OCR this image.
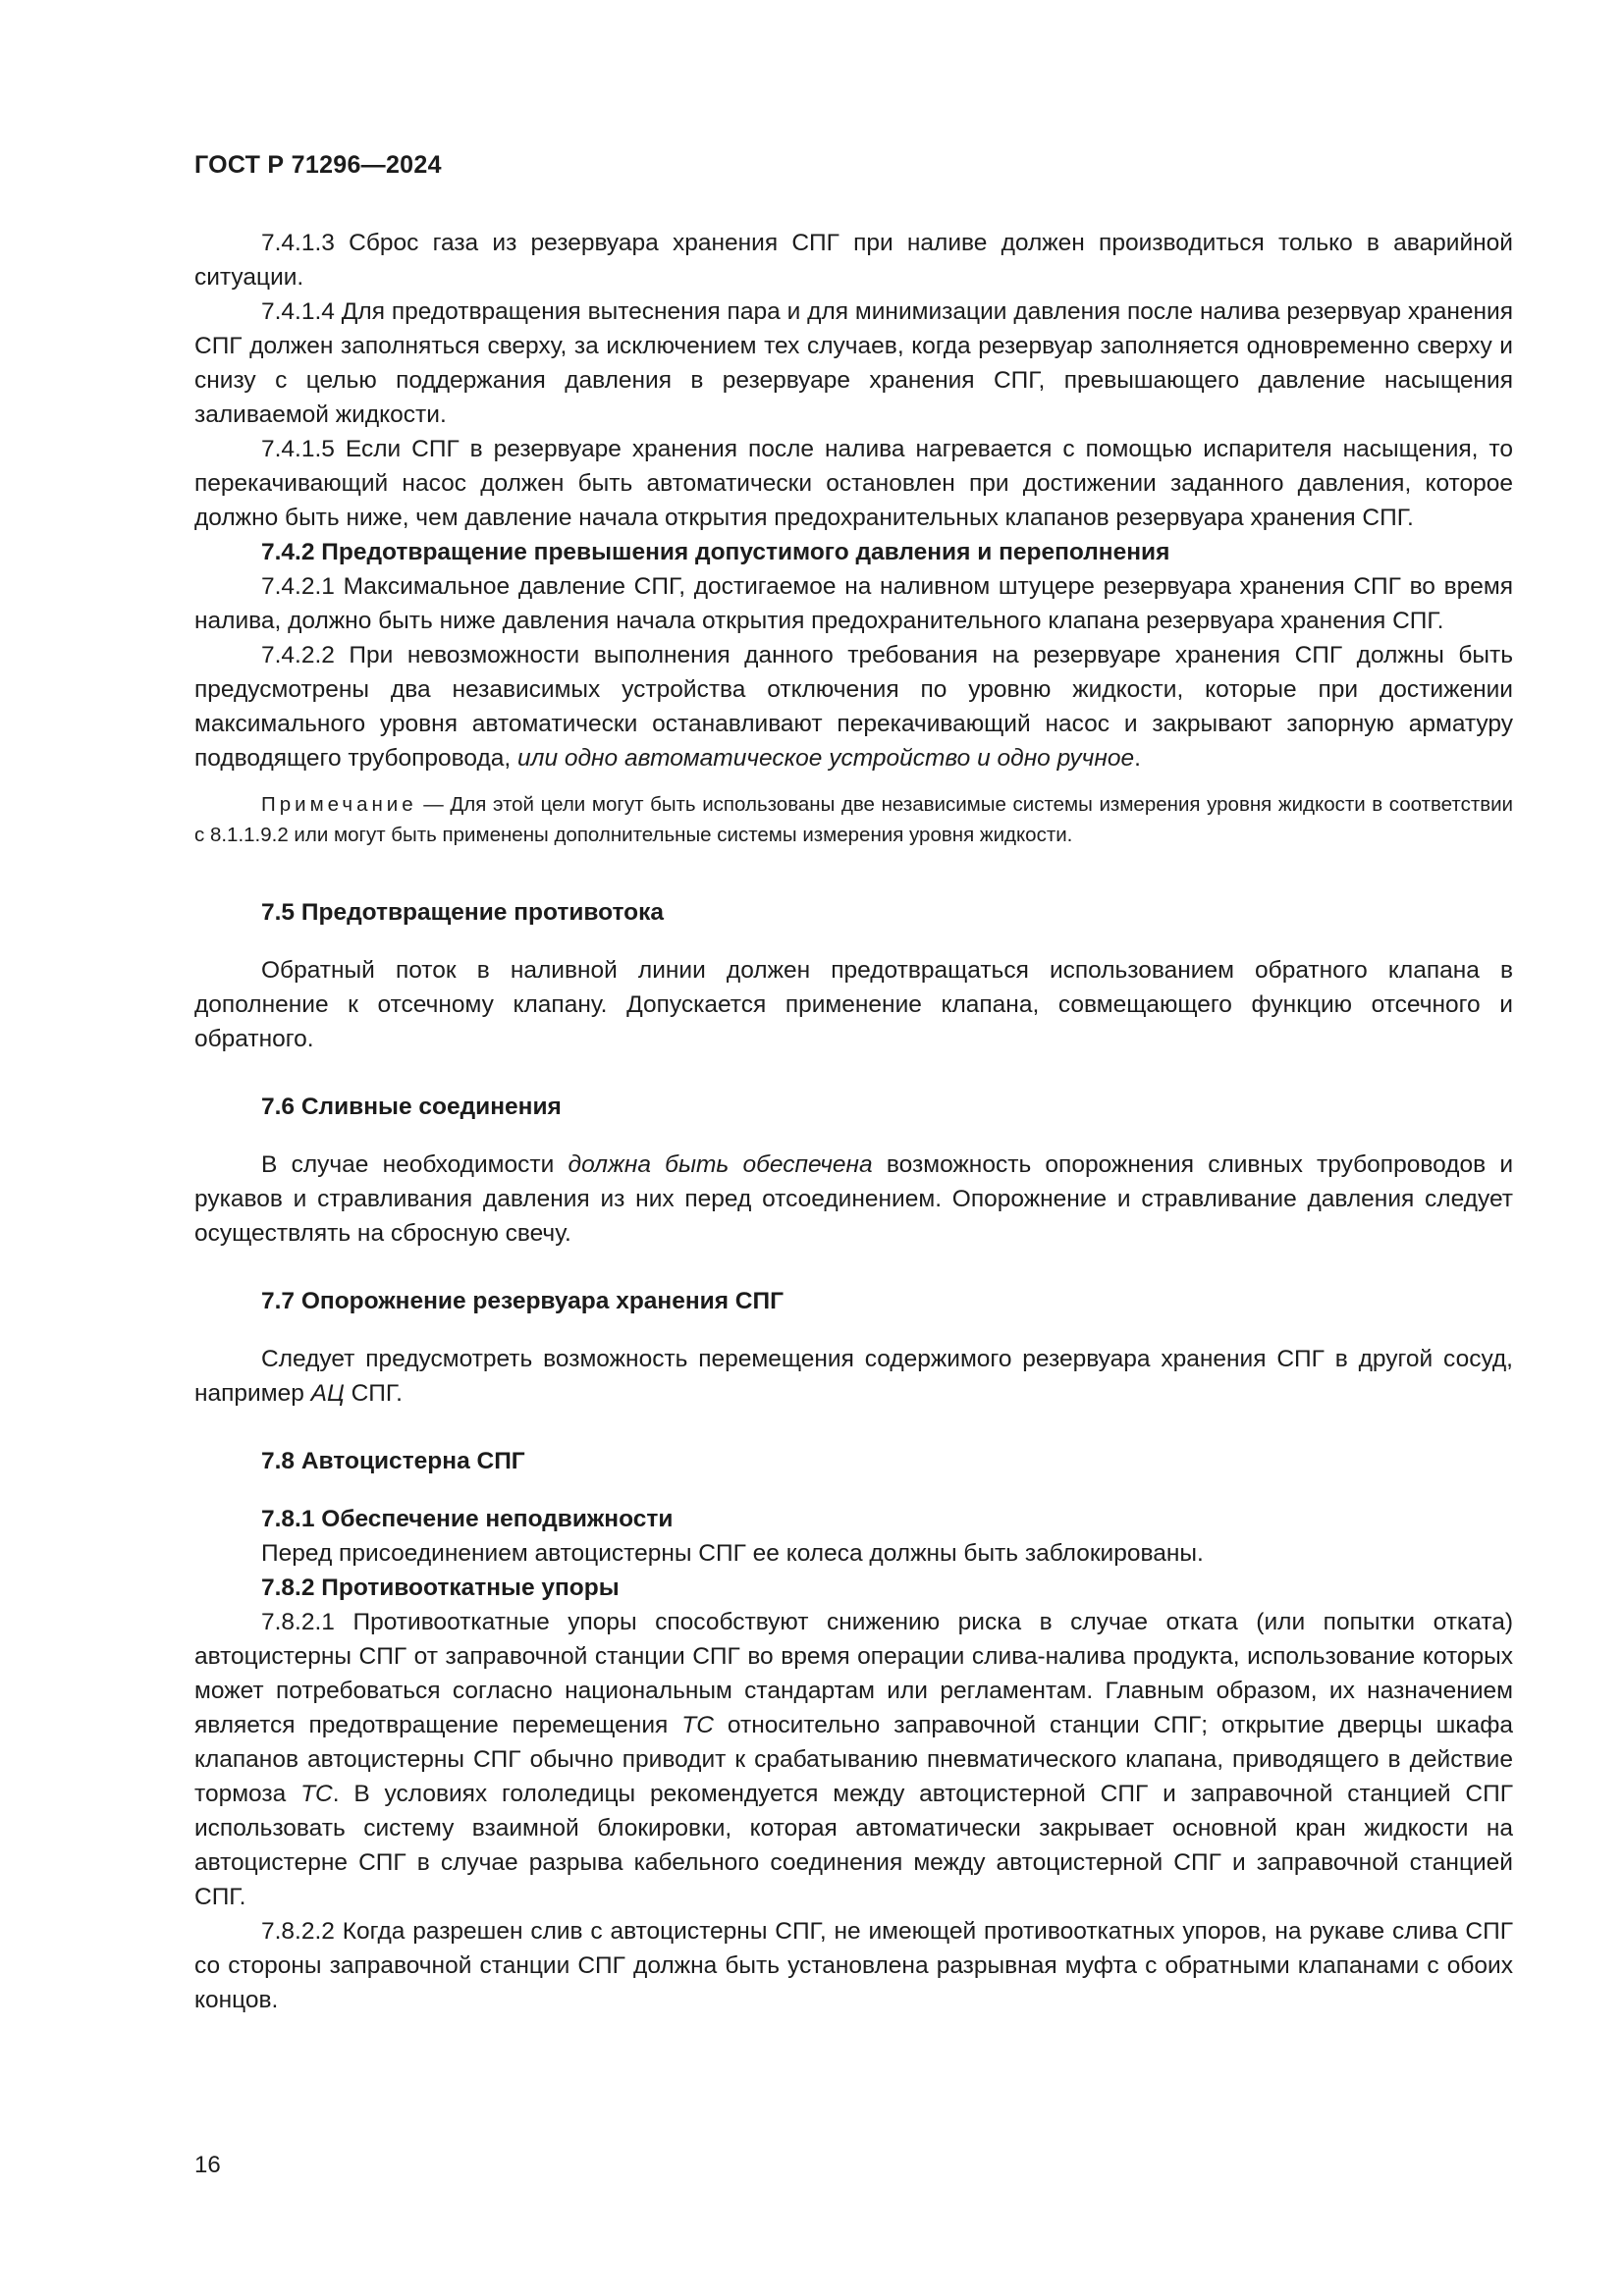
ГОСТ Р 71296—2024

7.4.1.3 Сброс газа из резервуара хранения СПГ при наливе должен производиться только в аварийной ситуации.

7.4.1.4 Для предотвращения вытеснения пара и для минимизации давления после налива резервуар хранения СПГ должен заполняться сверху, за исключением тех случаев, когда резервуар заполняется одновременно сверху и снизу с целью поддержания давления в резервуаре хранения СПГ, превышающего давление насыщения заливаемой жидкости.

7.4.1.5 Если СПГ в резервуаре хранения после налива нагревается с помощью испарителя насыщения, то перекачивающий насос должен быть автоматически остановлен при достижении заданного давления, которое должно быть ниже, чем давление начала открытия предохранительных клапанов резервуара хранения СПГ.

7.4.2 Предотвращение превышения допустимого давления и переполнения

7.4.2.1 Максимальное давление СПГ, достигаемое на наливном штуцере резервуара хранения СПГ во время налива, должно быть ниже давления начала открытия предохранительного клапана резервуара хранения СПГ.

7.4.2.2 При невозможности выполнения данного требования на резервуаре хранения СПГ должны быть предусмотрены два независимых устройства отключения по уровню жидкости, которые при достижении максимального уровня автоматически останавливают перекачивающий насос и закрывают запорную арматуру подводящего трубопровода, или одно автоматическое устройство и одно ручное.

Примечание — Для этой цели могут быть использованы две независимые системы измерения уровня жидкости в соответствии с 8.1.1.9.2 или могут быть применены дополнительные системы измерения уровня жидкости.
7.5 Предотвращение противотока

Обратный поток в наливной линии должен предотвращаться использованием обратного клапана в дополнение к отсечному клапану. Допускается применение клапана, совмещающего функцию отсечного и обратного.

7.6 Сливные соединения

В случае необходимости должна быть обеспечена возможность опорожнения сливных трубопроводов и рукавов и стравливания давления из них перед отсоединением. Опорожнение и стравливание давления следует осуществлять на сбросную свечу.

7.7 Опорожнение резервуара хранения СПГ

Следует предусмотреть возможность перемещения содержимого резервуара хранения СПГ в другой сосуд, например АЦ СПГ.

7.8 Автоцистерна СПГ
7.8.1 Обеспечение неподвижности

Перед присоединением автоцистерны СПГ ее колеса должны быть заблокированы.

7.8.2 Противооткатные упоры

7.8.2.1 Противооткатные упоры способствуют снижению риска в случае отката (или попытки отката) автоцистерны СПГ от заправочной станции СПГ во время операции слива-налива продукта, использование которых может потребоваться согласно национальным стандартам или регламентам. Главным образом, их назначением является предотвращение перемещения ТС относительно заправочной станции СПГ; открытие дверцы шкафа клапанов автоцистерны СПГ обычно приводит к срабатыванию пневматического клапана, приводящего в действие тормоза ТС. В условиях гололедицы рекомендуется между автоцистерной СПГ и заправочной станцией СПГ использовать систему взаимной блокировки, которая автоматически закрывает основной кран жидкости на автоцистерне СПГ в случае разрыва кабельного соединения между автоцистерной СПГ и заправочной станцией СПГ.

7.8.2.2 Когда разрешен слив с автоцистерны СПГ, не имеющей противооткатных упоров, на рукаве слива СПГ со стороны заправочной станции СПГ должна быть установлена разрывная муфта с обратными клапанами с обоих концов.

16
